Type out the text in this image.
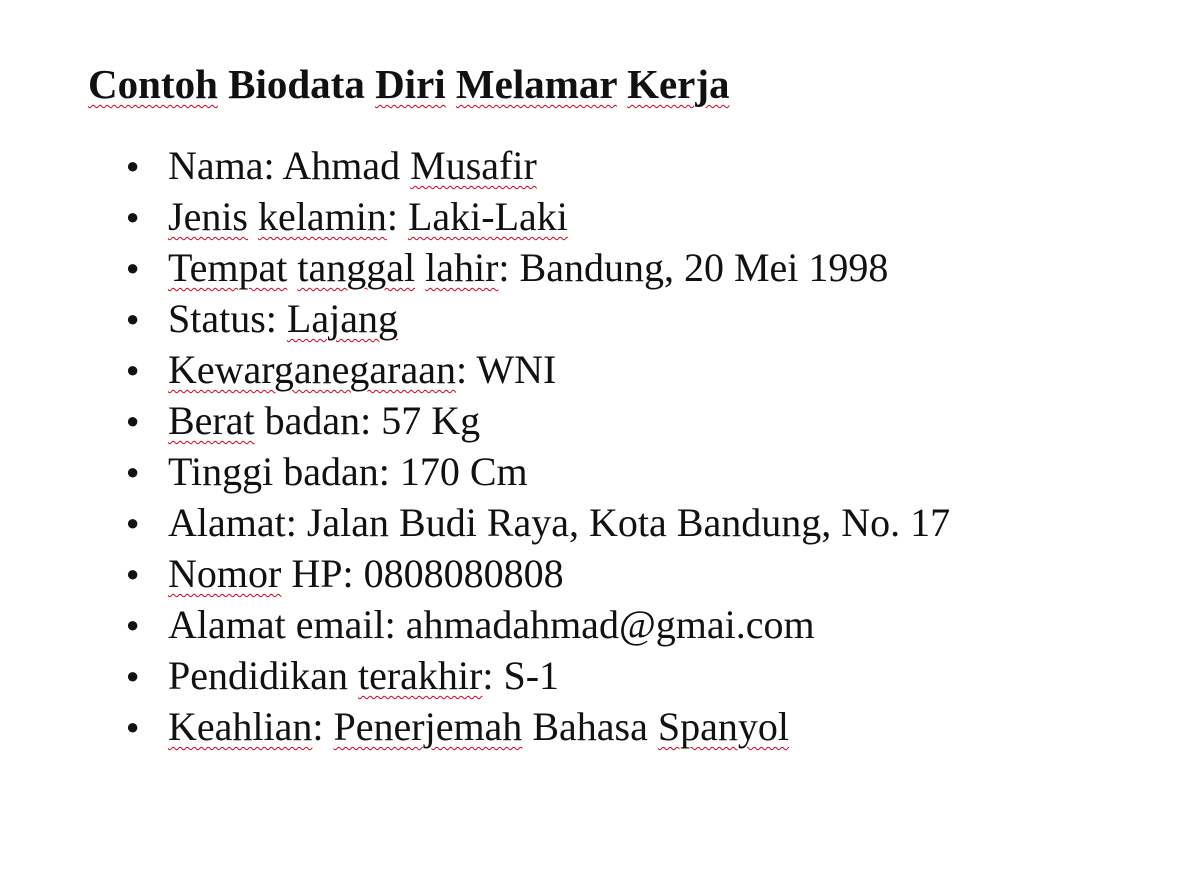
Contoh Biodata Diri Melamar Kerja
● Nama: Ahmad Musafir
● Jenis kelamin: Laki-Laki
● Tempat tanggal lahir: Bandung, 20 Mei 1998
● Status: Lajang
● Kewarganegaraan: WNI
● Berat badan: 57 Kg
● Tinggi badan: 170 Cm
● Alamat: Jalan Budi Raya, Kota Bandung, No. 17
● Nomor HP: 0808080808
● Alamat email: ahmadahmad@gmai.com
● Pendidikan terakhir: S-1
● Keahlian: Penerjemah Bahasa Spanyol
